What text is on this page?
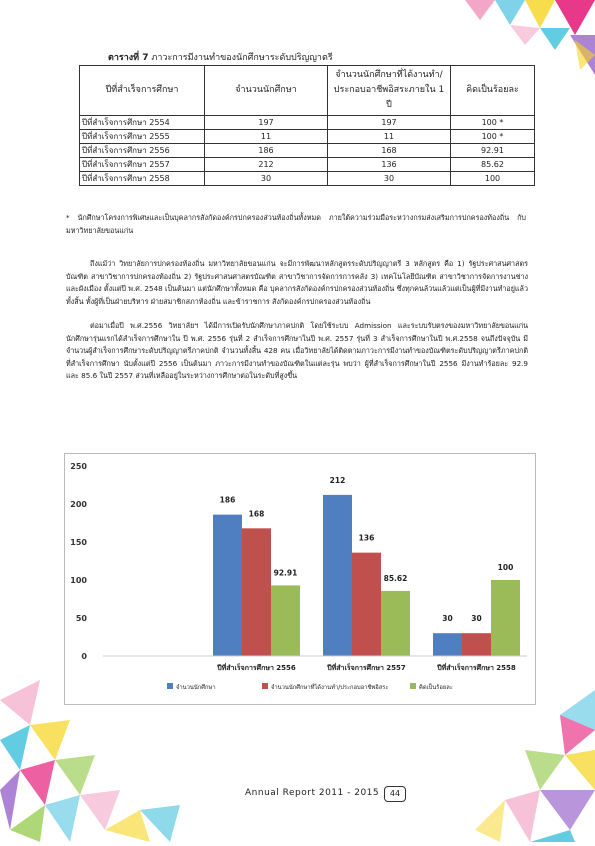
ตารางที่ 7 ภาวะการมีงานทำของนักศึกษาระดับปริญญาตรี
ปีที่สำเร็จการศึกษา	จำนวนนักศึกษา	จำนวนนักศึกษาที่ได้งานทำ/ประกอบอาชีพอิสระภายใน 1 ปี	คิดเป็นร้อยละ
ปีที่สำเร็จการศึกษา 2554	197	197	100 *
ปีที่สำเร็จการศึกษา 2555	11	11	100 *
ปีที่สำเร็จการศึกษา 2556	186	168	92.91
ปีที่สำเร็จการศึกษา 2557	212	136	85.62
ปีที่สำเร็จการศึกษา 2558	30	30	100
* นักศึกษาโครงการพิเศษและเป็นบุคลากรสังกัดองค์กรปกครองส่วนท้องถิ่นทั้งหมด ภายใต้ความร่วมมือระหว่างกรมส่งเสริมการปกครองท้องถิ่น กับมหาวิทยาลัยขอนแก่น
ถึงแม้ว่า วิทยาลัยการปกครองท้องถิ่น มหาวิทยาลัยขอนแก่น จะมีการพัฒนาหลักสูตรระดับปริญญาตรี 3 หลักสูตร คือ 1) รัฐประศาสนศาสตรบัณฑิต สาขาวิชาการปกครองท้องถิ่น 2) รัฐประศาสนศาสตรบัณฑิต สาขาวิชาการจัดการการคลัง 3) เทคโนโลยีบัณฑิต สาขาวิชาการจัดการงานช่างและผังเมือง ตั้งแต่ปี พ.ศ. 2548 เป็นต้นมา แต่นักศึกษาทั้งหมด คือ บุคลากรสังกัดองค์กรปกครองส่วนท้องถิ่น ซึ่งทุกคนล้วนแล้วแต่เป็นผู้ที่มีงานทำอยู่แล้วทั้งสิ้น ทั้งผู้ที่เป็นฝ่ายบริหาร ฝ่ายสมาชิกสภาท้องถิ่น และข้าราชการ สังกัดองค์กรปกครองส่วนท้องถิ่น
ต่อมาเมื่อปี พ.ศ.2556 วิทยาลัยฯ ได้มีการเปิดรับนักศึกษาภาคปกติ โดยใช้ระบบ Admission และระบบรับตรงของมหาวิทยาลัยขอนแก่นนักศึกษารุ่นแรกได้สำเร็จการศึกษาใน ปี พ.ศ. 2556 รุ่นที่ 2 สำเร็จการศึกษาในปี พ.ศ. 2557 รุ่นที่ 3 สำเร็จการศึกษาในปี พ.ศ.2558 จนถึงปัจจุบัน มีจำนวนผู้สำเร็จการศึกษาระดับปริญญาตรีภาคปกติ จำนวนทั้งสิ้น 428 คน เมื่อวิทยาลัยได้ติดตามภาวะการมีงานทำของบัณฑิตระดับปริญญาตรีภาคปกติที่สำเร็จการศึกษา นับตั้งแต่ปี 2556 เป็นต้นมา ภาวะการมีงานทำของบัณฑิตในแต่ละรุ่น พบว่า ผู้ที่สำเร็จการศึกษาในปี 2556 มีงานทำร้อยละ 92.9 และ 85.6 ในปี 2557 ส่วนที่เหลืออยู่ในระหว่างการศึกษาต่อในระดับที่สูงขึ้น
0
50
100
150
200
250
186
168
92.91
ปีที่สำเร็จการศึกษา 2556
212
136
85.62
ปีที่สำเร็จการศึกษา 2557
30 30
100
ปีที่สำเร็จการศึกษา 2558
จำนวนนักศึกษา	จำนวนนักศึกษาที่ได้งานทำ/ประกอบอาชีพอิสระ	คิดเป็นร้อยละ
Annual Report 2011 - 2015	44
